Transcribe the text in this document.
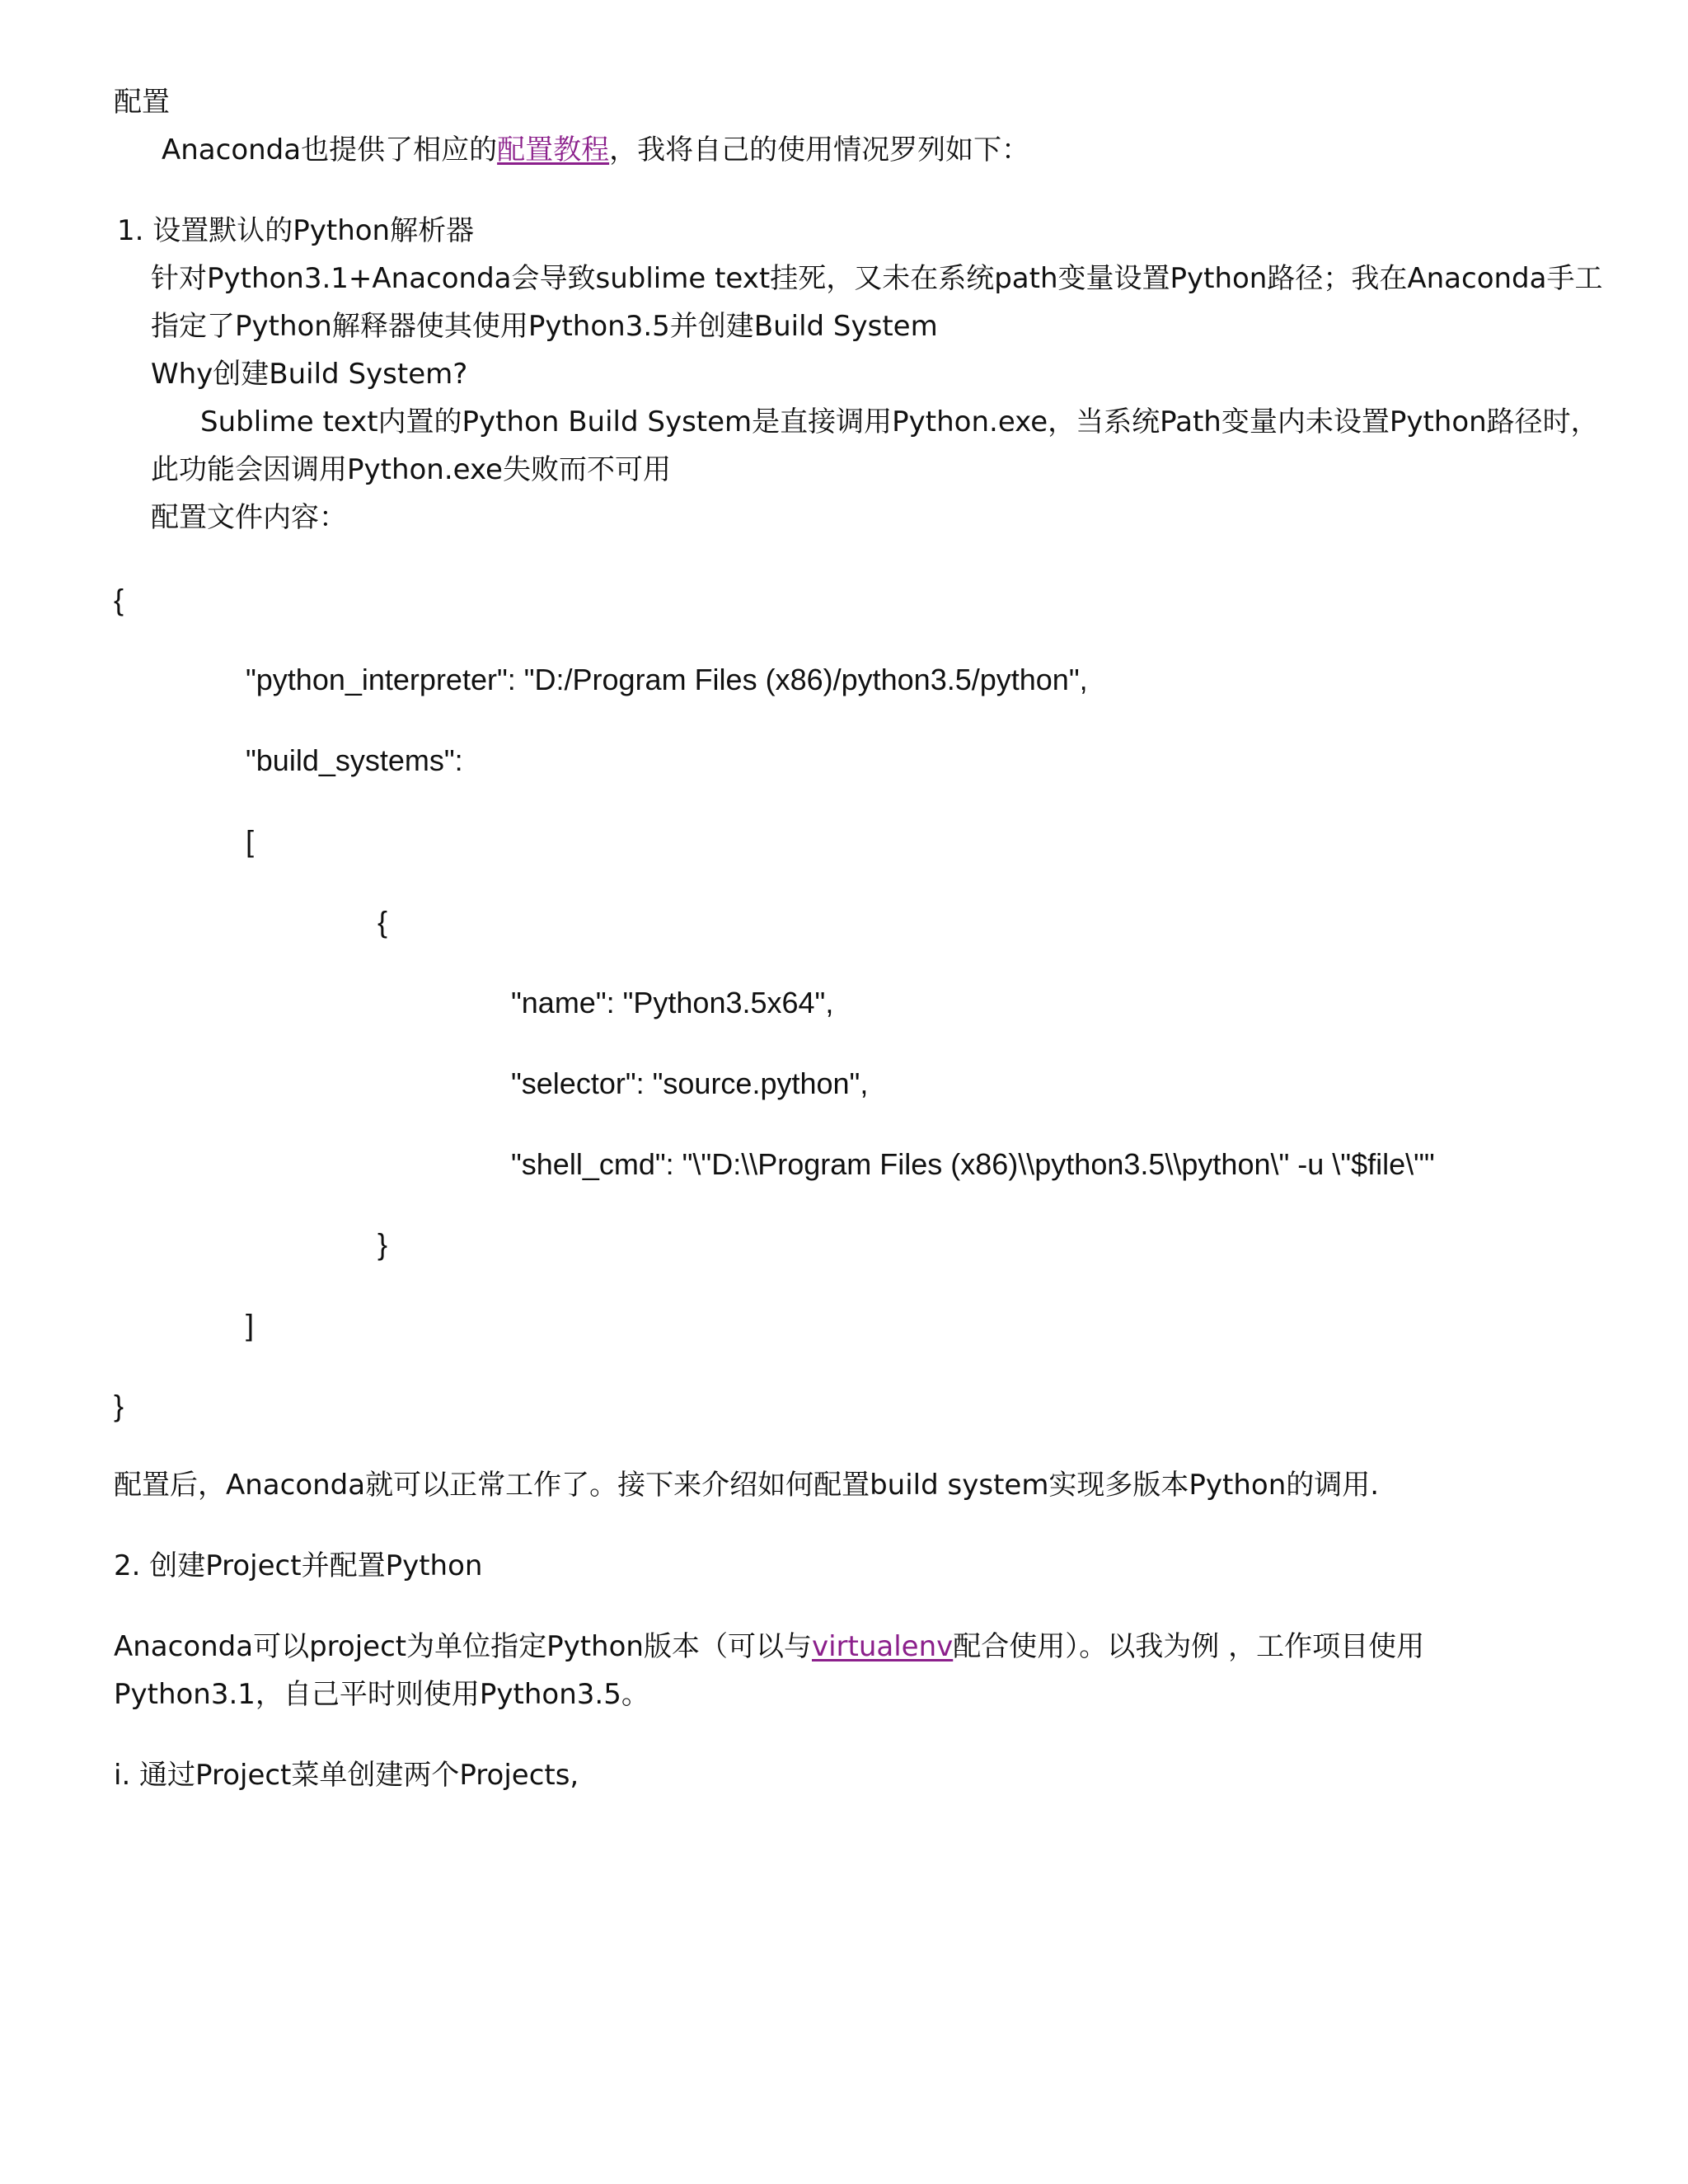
配置
Anaconda也提供了相应的配置教程，我将自己的使用情况罗列如下：
1. 设置默认的Python解析器
针对Python3.1+Anaconda会导致sublime text挂死，又未在系统path变量设置Python路径；我在Anaconda手工
指定了Python解释器使其使用Python3.5并创建Build System
Why创建Build System?
Sublime text内置的Python Build System是直接调用Python.exe，当系统Path变量内未设置Python路径时，
此功能会因调用Python.exe失败而不可用
配置文件内容：
{
"python_interpreter": "D:/Program Files (x86)/python3.5/python",
"build_systems":
[
{
"name": "Python3.5x64",
"selector": "source.python",
"shell_cmd": "\"D:\\Program Files (x86)\\python3.5\\python\" -u \"$file\""
}
]
}
配置后，Anaconda就可以正常工作了。接下来介绍如何配置build system实现多版本Python的调用.
2. 创建Project并配置Python
Anaconda可以project为单位指定Python版本（可以与virtualenv配合使用）。以我为例 ，工作项目使用
Python3.1，自己平时则使用Python3.5。
i. 通过Project菜单创建两个Projects,
